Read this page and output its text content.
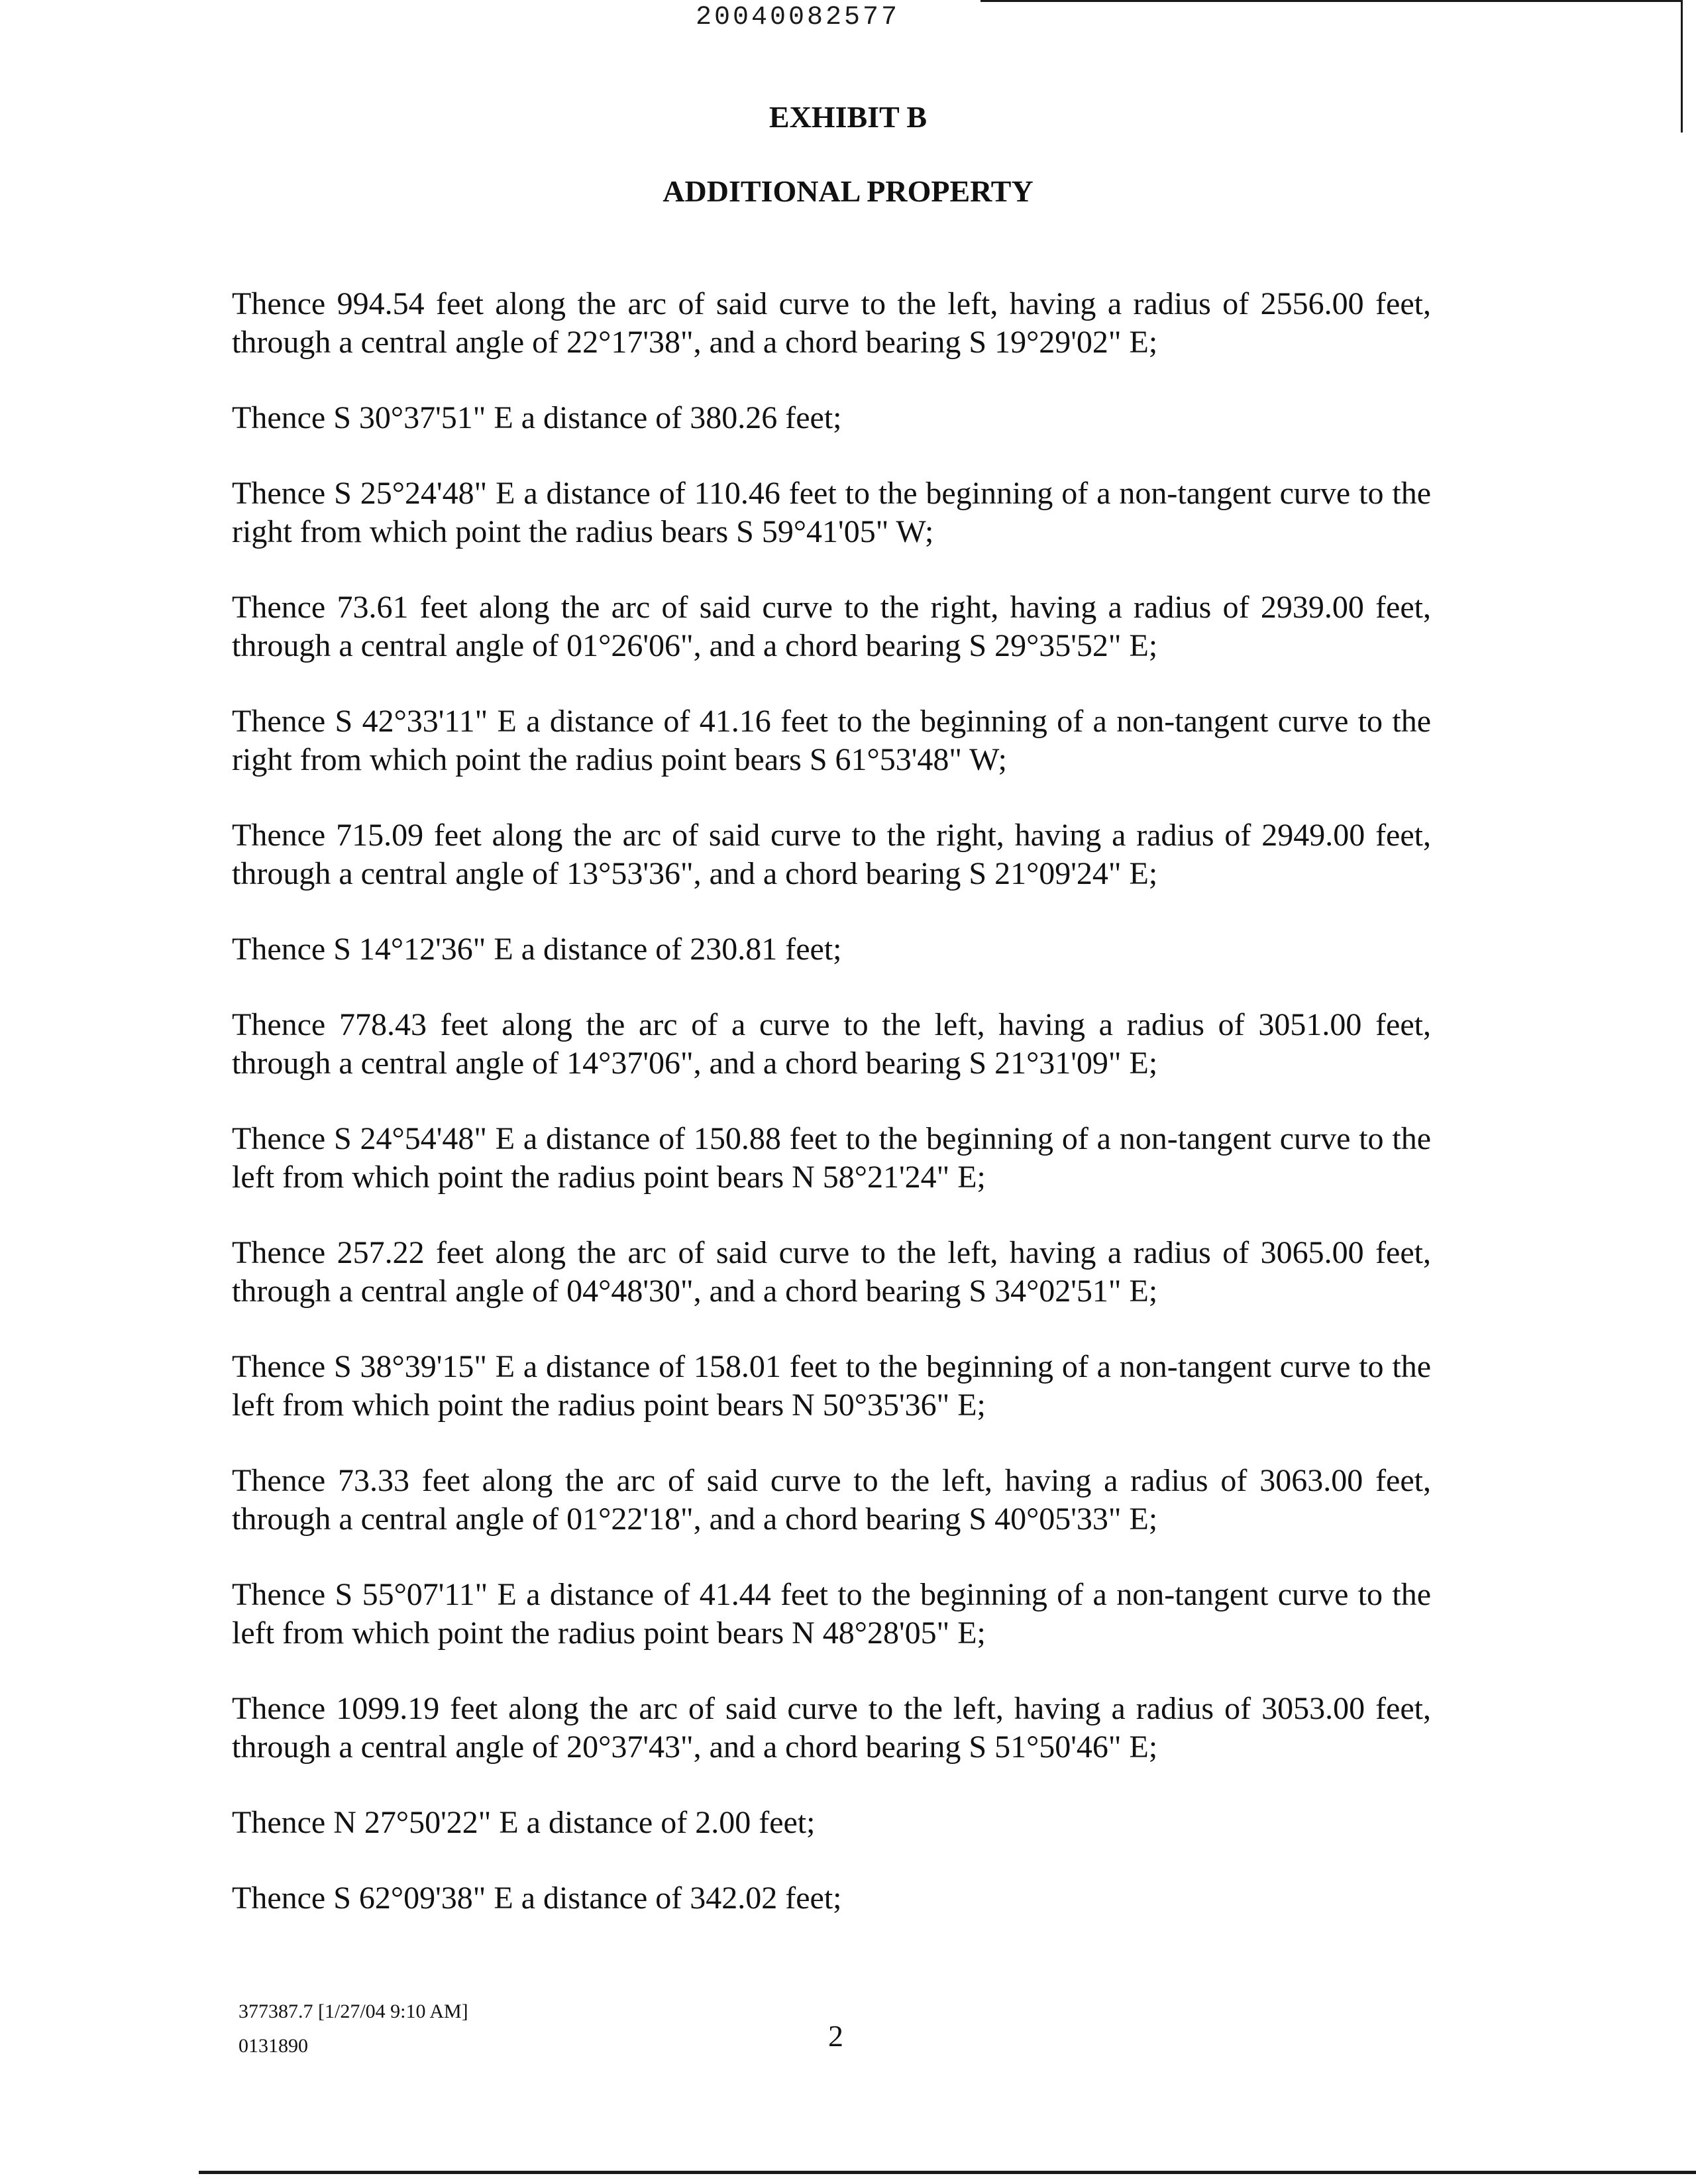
20040082577
EXHIBIT B
ADDITIONAL PROPERTY

Thence 994.54 feet along the arc of said curve to the left, having a radius of 2556.00 feet, through a central angle of 22°17'38", and a chord bearing S 19°29'02" E;

Thence S 30°37'51" E a distance of 380.26 feet;

Thence S 25°24'48" E a distance of 110.46 feet to the beginning of a non-tangent curve to the right from which point the radius bears S 59°41'05" W;

Thence 73.61 feet along the arc of said curve to the right, having a radius of 2939.00 feet, through a central angle of 01°26'06", and a chord bearing S 29°35'52" E;

Thence S 42°33'11" E a distance of 41.16 feet to the beginning of a non-tangent curve to the right from which point the radius point bears S 61°53'48" W;

Thence 715.09 feet along the arc of said curve to the right, having a radius of 2949.00 feet, through a central angle of 13°53'36", and a chord bearing S 21°09'24" E;

Thence S 14°12'36" E a distance of 230.81 feet;

Thence 778.43 feet along the arc of a curve to the left, having a radius of 3051.00 feet, through a central angle of 14°37'06", and a chord bearing S 21°31'09" E;

Thence S 24°54'48" E a distance of 150.88 feet to the beginning of a non-tangent curve to the left from which point the radius point bears N 58°21'24" E;

Thence 257.22 feet along the arc of said curve to the left, having a radius of 3065.00 feet, through a central angle of 04°48'30", and a chord bearing S 34°02'51" E;

Thence S 38°39'15" E a distance of 158.01 feet to the beginning of a non-tangent curve to the left from which point the radius point bears N 50°35'36" E;

Thence 73.33 feet along the arc of said curve to the left, having a radius of 3063.00 feet, through a central angle of 01°22'18", and a chord bearing S 40°05'33" E;

Thence S 55°07'11" E a distance of 41.44 feet to the beginning of a non-tangent curve to the left from which point the radius point bears N 48°28'05" E;

Thence 1099.19 feet along the arc of said curve to the left, having a radius of 3053.00 feet, through a central angle of 20°37'43", and a chord bearing S 51°50'46" E;

Thence N 27°50'22" E a distance of 2.00 feet;

Thence S 62°09'38" E a distance of 342.02 feet;

377387.7 [1/27/04 9:10 AM]
0131890	2
